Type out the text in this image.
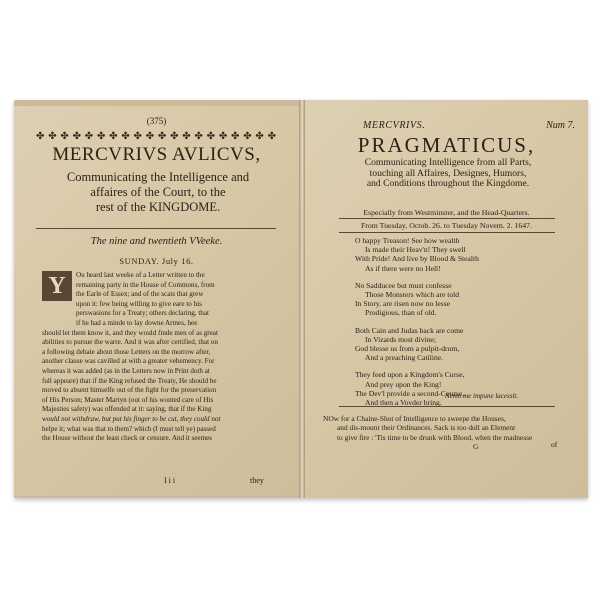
(375)
✤ ✤ ✤ ✤ ✤ ✤ ✤ ✤ ✤ ✤ ✤ ✤ ✤ ✤ ✤ ✤ ✤ ✤ ✤ ✤
MERCVRIVS AVLICVS,
Communicating the Intelligence and
affaires of the Court, to the
rest of the KINGDOME.
The nine and twentieth VVeeke.
SUNDAY. July 16.

Ou heard last weeke of a Letter written to the

remaining party in the House of Commons, from

the Earle of Essex; and of the scats that grew

upon it: few being willing to give eare to his

perswasions for a Treaty; others declaring, that

if he had a minde to lay downe Armes, hee

should let them know it, and they would finde men of as great

abilities to pursue the warre. And it was after certified, that on

a following debate about those Letters on the morrow after,

another clause was cavilled at with a greater vehemency. For

whereas it was added (as in the Letters now in Print doth at

full appeare) that if the King refused the Treaty, He should be

moved to absent himselfe out of the fight for the preservation

of His Person; Master Martyn (out of his wonted care of His

Majesties safety) was offended at it: saying, that if the King

would not withdraw, but put his finger to be cut, they could not

helpe it; what was that to them? which (I must tell ye) passed

the House without the least check or censure. And it seemes

Y
I i i	they
MERCVRIVS.	Num 7.
PRAGMATICUS,
Communicating Intelligence from all Parts,
touching all Affaires, Designes, Humors,
and Conditions throughout the Kingdome.
Especially from Westminster, and the Head-Quarters.
From Tuesday, Octob. 26. to Tuesday Novem. 2. 1647.
O happy Treason! See how wealth
Is made their Heav'n! They swell
With Pride! And live by Blood & Stealth
As if there were no Hell!
No Sadducee but must confesse
Those Monsters which are told
In Story, are risen now no lesse
Prodigious, than of old.
Both Cain and Judas back are come
In Vizards most divine;
God blesse us from a pulpit-drum,
And a preaching Catiline.
They feed upon a Kingdom's Curse,
And prey upon the King!
The Dev'l provide a second-Course,
And then a Vovder bring.
Nemo me impune lacessit.
NOw for a Chaine-Shot of Intelligence to sweepe the Houses,
and dis-mount their Ordinances. Sack is too dull an Element
to give fire : 'Tis time to be drunk with Blood, when the madnesse
G	of
